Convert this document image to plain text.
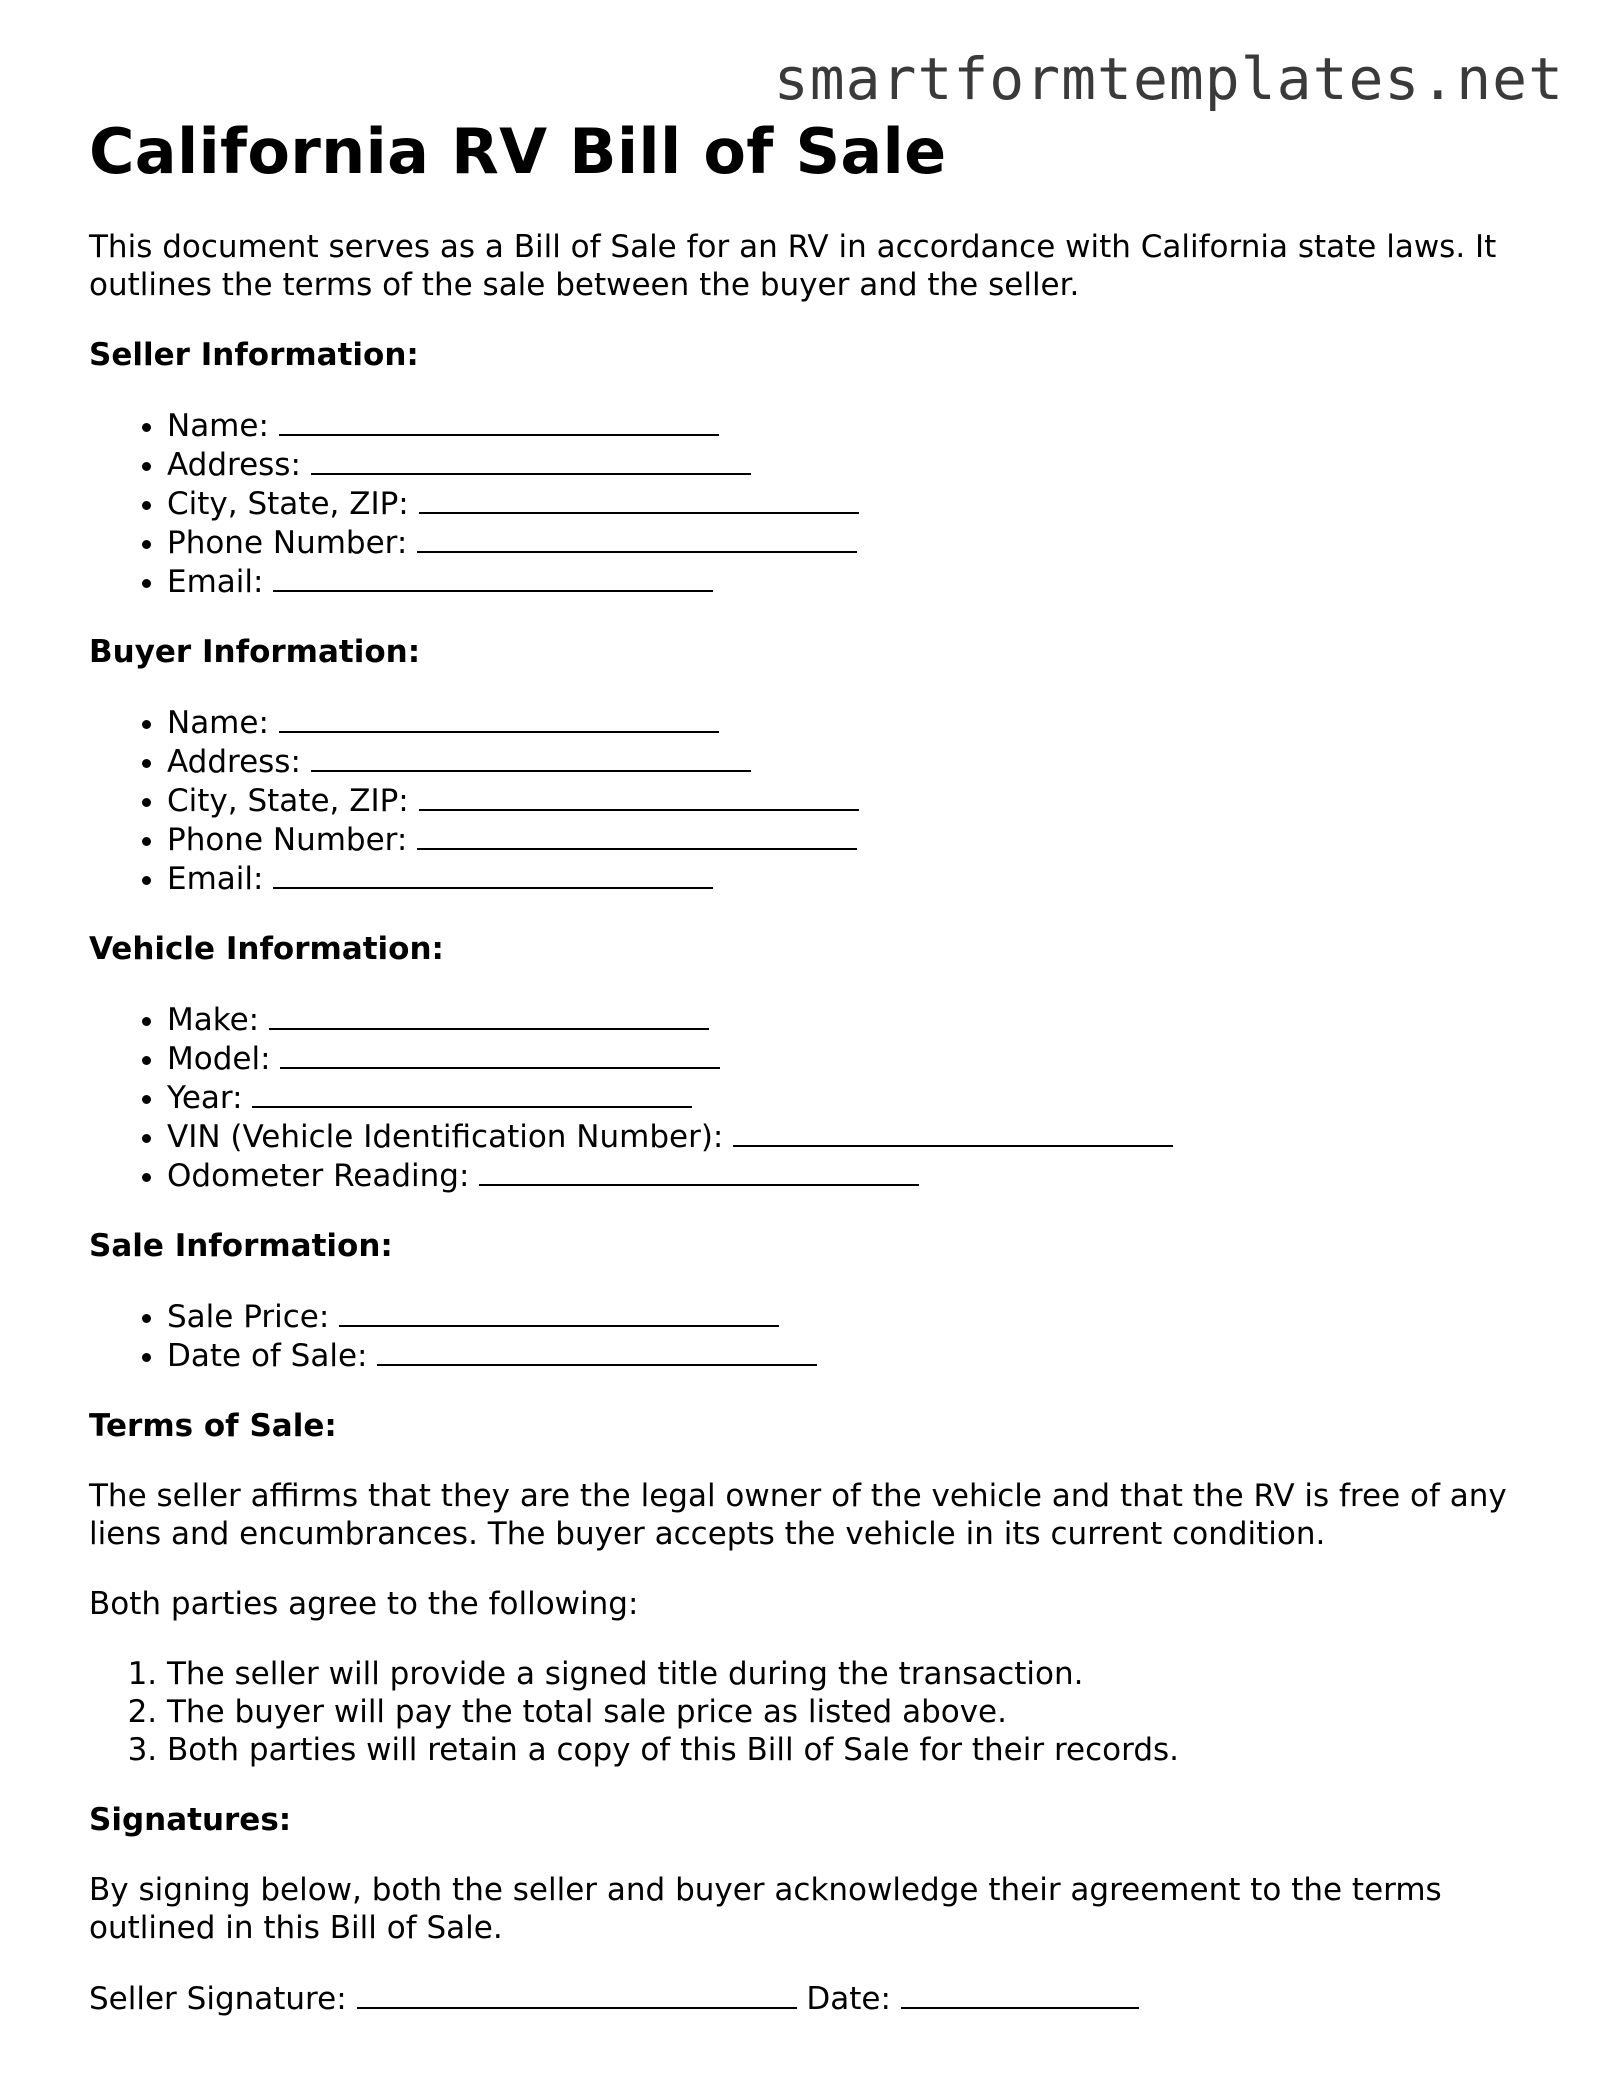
smartformtemplates.net
California RV Bill of Sale

This document serves as a Bill of Sale for an RV in accordance with California state laws. It outlines the terms of the sale between the buyer and the seller.

Seller Information:
• Name:
• Address:
• City, State, ZIP:
• Phone Number:
• Email:
Buyer Information:
• Name:
• Address:
• City, State, ZIP:
• Phone Number:
• Email:
Vehicle Information:
• Make:
• Model:
• Year:
• VIN (Vehicle Identification Number):
• Odometer Reading:
Sale Information:
• Sale Price:
• Date of Sale:
Terms of Sale:

The seller affirms that they are the legal owner of the vehicle and that the RV is free of any liens and encumbrances. The buyer accepts the vehicle in its current condition.

Both parties agree to the following:

1. The seller will provide a signed title during the transaction.
2. The buyer will pay the total sale price as listed above.
3. Both parties will retain a copy of this Bill of Sale for their records.
Signatures:

By signing below, both the seller and buyer acknowledge their agreement to the terms outlined in this Bill of Sale.

Seller Signature:	Date:
